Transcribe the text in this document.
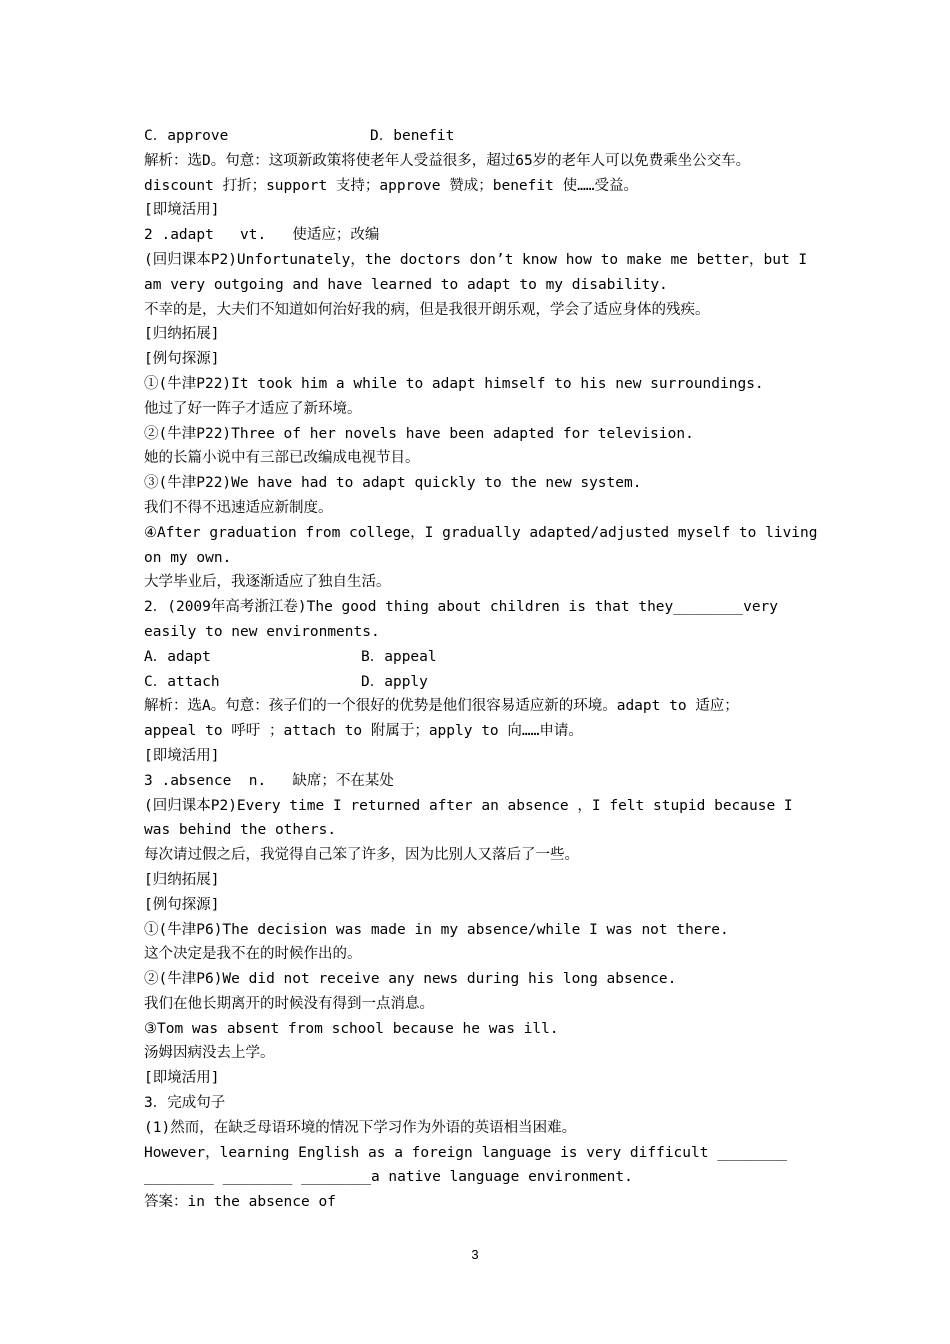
C．approve	D．benefit
解析：选D。句意：这项新政策将使老年人受益很多，超过65岁的老年人可以免费乘坐公交车。
discount 打折；support 支持；approve 赞成；benefit 使……受益。
[即境活用]
2 .adapt   vt.   使适应；改编
(回归课本P2)Unfortunately，the doctors don’t know how to make me better，but I
am very outgoing and have learned to adapt to my disability.
不幸的是，大夫们不知道如何治好我的病，但是我很开朗乐观，学会了适应身体的残疾。
[归纳拓展]
[例句探源]
①(牛津P22)It took him a while to adapt himself to his new surroundings.
他过了好一阵子才适应了新环境。
②(牛津P22)Three of her novels have been adapted for television.
她的长篇小说中有三部已改编成电视节目。
③(牛津P22)We have had to adapt quickly to the new system.
我们不得不迅速适应新制度。
④After graduation from college，I gradually adapted/adjusted myself to living
on my own.
大学毕业后，我逐渐适应了独自生活。
2．(2009年高考浙江卷)The good thing about children is that they________very
easily to new environments.
A．adapt	B．appeal
C．attach	D．apply
解析：选A。句意：孩子们的一个很好的优势是他们很容易适应新的环境。adapt to 适应；
appeal to 呼吁 ；attach to 附属于；apply to 向……申请。
[即境活用]
3 .absence  n.   缺席；不在某处
(回归课本P2)Every time I returned after an absence ，I felt stupid because I
was behind the others.
每次请过假之后，我觉得自己笨了许多，因为比别人又落后了一些。
[归纳拓展]
[例句探源]
①(牛津P6)The decision was made in my absence/while I was not there.
这个决定是我不在的时候作出的。
②(牛津P6)We did not receive any news during his long absence.
我们在他长期离开的时候没有得到一点消息。
③Tom was absent from school because he was ill.
汤姆因病没去上学。
[即境活用]
3．完成句子
(1)然而，在缺乏母语环境的情况下学习作为外语的英语相当困难。
However，learning English as a foreign language is very difficult ________
________ ________ ________a native language environment.
答案：in the absence of
3
